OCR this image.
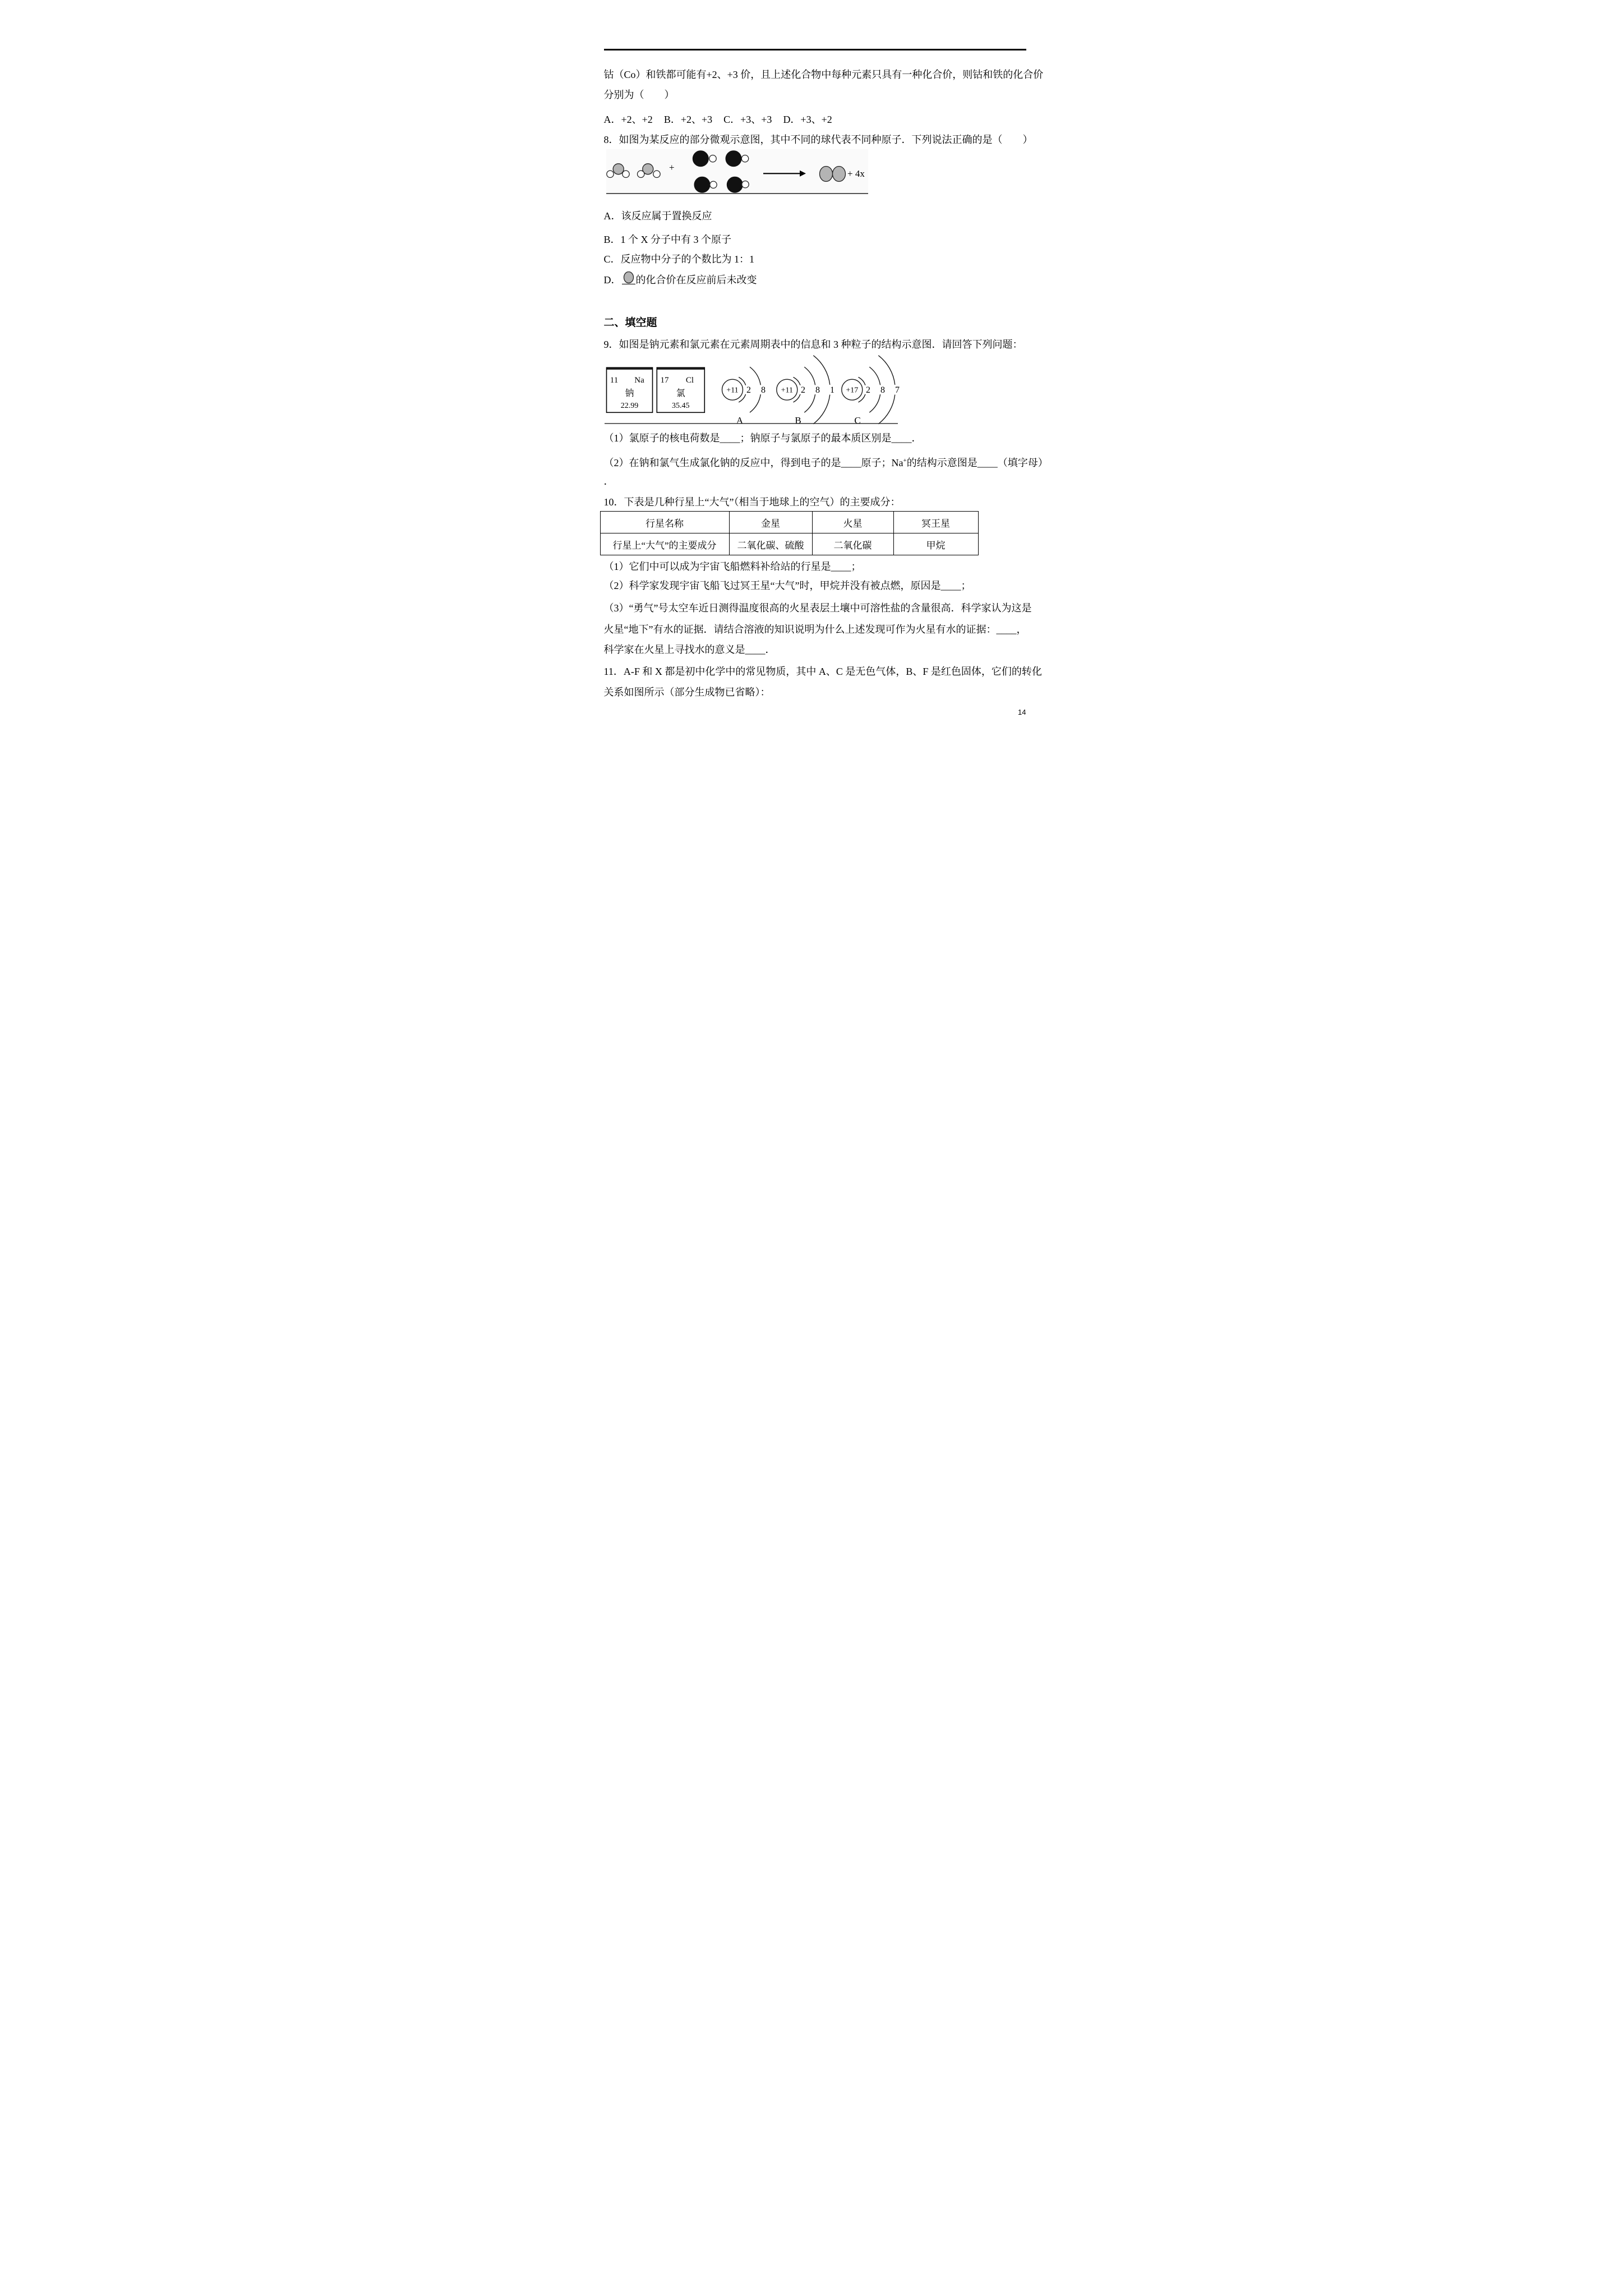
钴（Co）和铁都可能有+2、+3 价，且上述化合物中每种元素只具有一种化合价，则钴和铁的化合价
分别为（　　）
A．+2、+2 B．+2、+3 C．+3、+3 D．+3、+2
8．如图为某反应的部分微观示意图，其中不同的球代表不同种原子．下列说法正确的是（　　）
+
+ 4x
A．该反应属于置换反应
B．1 个 X 分子中有 3 个原子
C．反应物中分子的个数比为 1：1
D． 的化合价在反应前后未改变
二、填空题
9．如图是钠元素和氯元素在元素周期表中的信息和 3 种粒子的结构示意图．请回答下列问题：
11 Na
钠
22.99
17 Cl
氯
35.45
+11 2 8
A
+11 2 8 1
B
+17 2 8 7
C
（1）氯原子的核电荷数是____；钠原子与氯原子的最本质区别是____．
（2）在钠和氯气生成氯化钠的反应中，得到电子的是____原子；Na+的结构示意图是____（填字母）
．
10．下表是几种行星上“大气”（相当于地球上的空气）的主要成分：
行星名称	金星	火星	冥王星
行星上“大气”的主要成分	二氧化碳、硫酸	二氧化碳	甲烷
（1）它们中可以成为宇宙飞船燃料补给站的行星是____；
（2）科学家发现宇宙飞船飞过冥王星“大气”时，甲烷并没有被点燃，原因是____；
（3）“勇气”号太空车近日测得温度很高的火星表层土壤中可溶性盐的含量很高．科学家认为这是
火星“地下”有水的证据．请结合溶液的知识说明为什么上述发现可作为火星有水的证据：____，
科学家在火星上寻找水的意义是____．
11．A-F 和 X 都是初中化学中的常见物质，其中 A、C 是无色气体，B、F 是红色固体，它们的转化
关系如图所示（部分生成物已省略）：
14
